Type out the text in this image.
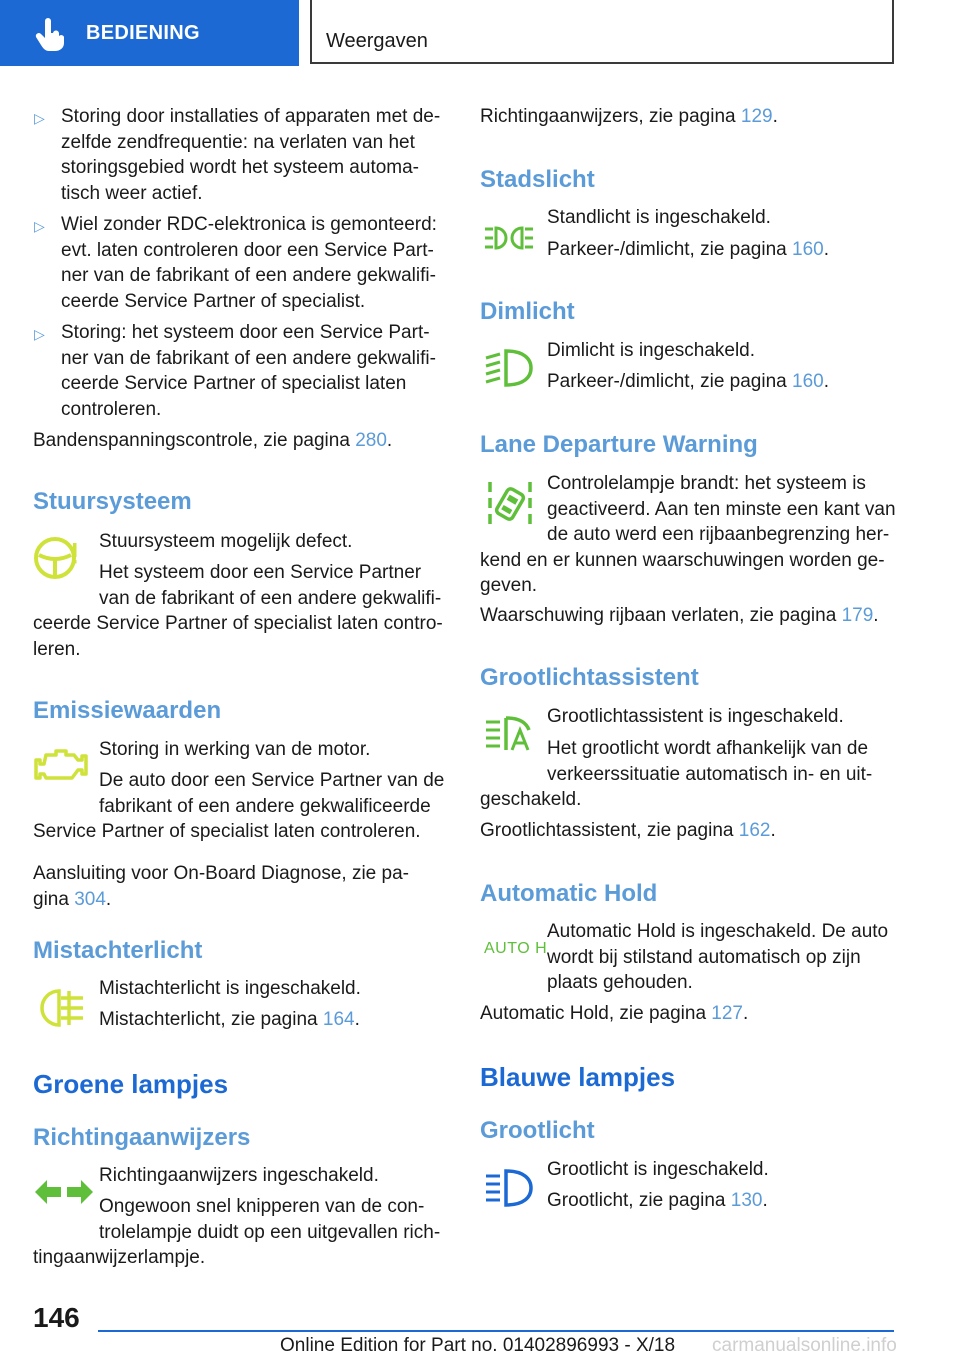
BEDIENING	Weergaven
▷ Storing door installaties of apparaten met de-
zelfde zendfrequentie: na verlaten van het
storingsgebied wordt het systeem automa-
tisch weer actief.
▷ Wiel zonder RDC-elektronica is gemonteerd:
evt. laten controleren door een Service Part-
ner van de fabrikant of een andere gekwalifi-
ceerde Service Partner of specialist.
▷ Storing: het systeem door een Service Part-
ner van de fabrikant of een andere gekwalifi-
ceerde Service Partner of specialist laten
controleren.
Bandenspanningscontrole, zie pagina 280.
Stuursysteem
Stuursysteem mogelijk defect.
Het systeem door een Service Partner
van de fabrikant of een andere gekwalifi-
ceerde Service Partner of specialist laten contro-
leren.
Emissiewaarden
Storing in werking van de motor.
De auto door een Service Partner van de
fabrikant of een andere gekwalificeerde
Service Partner of specialist laten controleren.
Aansluiting voor On-Board Diagnose, zie pa-
gina 304.
Mistachterlicht
Mistachterlicht is ingeschakeld.
Mistachterlicht, zie pagina 164.
Groene lampjes
Richtingaanwijzers
Richtingaanwijzers ingeschakeld.
Ongewoon snel knipperen van de con-
trolelampje duidt op een uitgevallen rich-
tingaanwijzerlampje.
Richtingaanwijzers, zie pagina 129.
Stadslicht
Standlicht is ingeschakeld.
Parkeer-/dimlicht, zie pagina 160.
Dimlicht
Dimlicht is ingeschakeld.
Parkeer-/dimlicht, zie pagina 160.
Lane Departure Warning
Controlelampje brandt: het systeem is
geactiveerd. Aan ten minste een kant van
de auto werd een rijbaanbegrenzing her-
kend en er kunnen waarschuwingen worden ge-
geven.
Waarschuwing rijbaan verlaten, zie pagina 179.
Grootlichtassistent
Grootlichtassistent is ingeschakeld.
Het grootlicht wordt afhankelijk van de
verkeerssituatie automatisch in- en uit-
geschakeld.
Grootlichtassistent, zie pagina 162.
Automatic Hold
AUTO H
Automatic Hold is ingeschakeld. De auto
wordt bij stilstand automatisch op zijn
plaats gehouden.
Automatic Hold, zie pagina 127.
Blauwe lampjes
Grootlicht
Grootlicht is ingeschakeld.
Grootlicht, zie pagina 130.
146
Online Edition for Part no. 01402896993 - X/18 carmanualsonline.info
